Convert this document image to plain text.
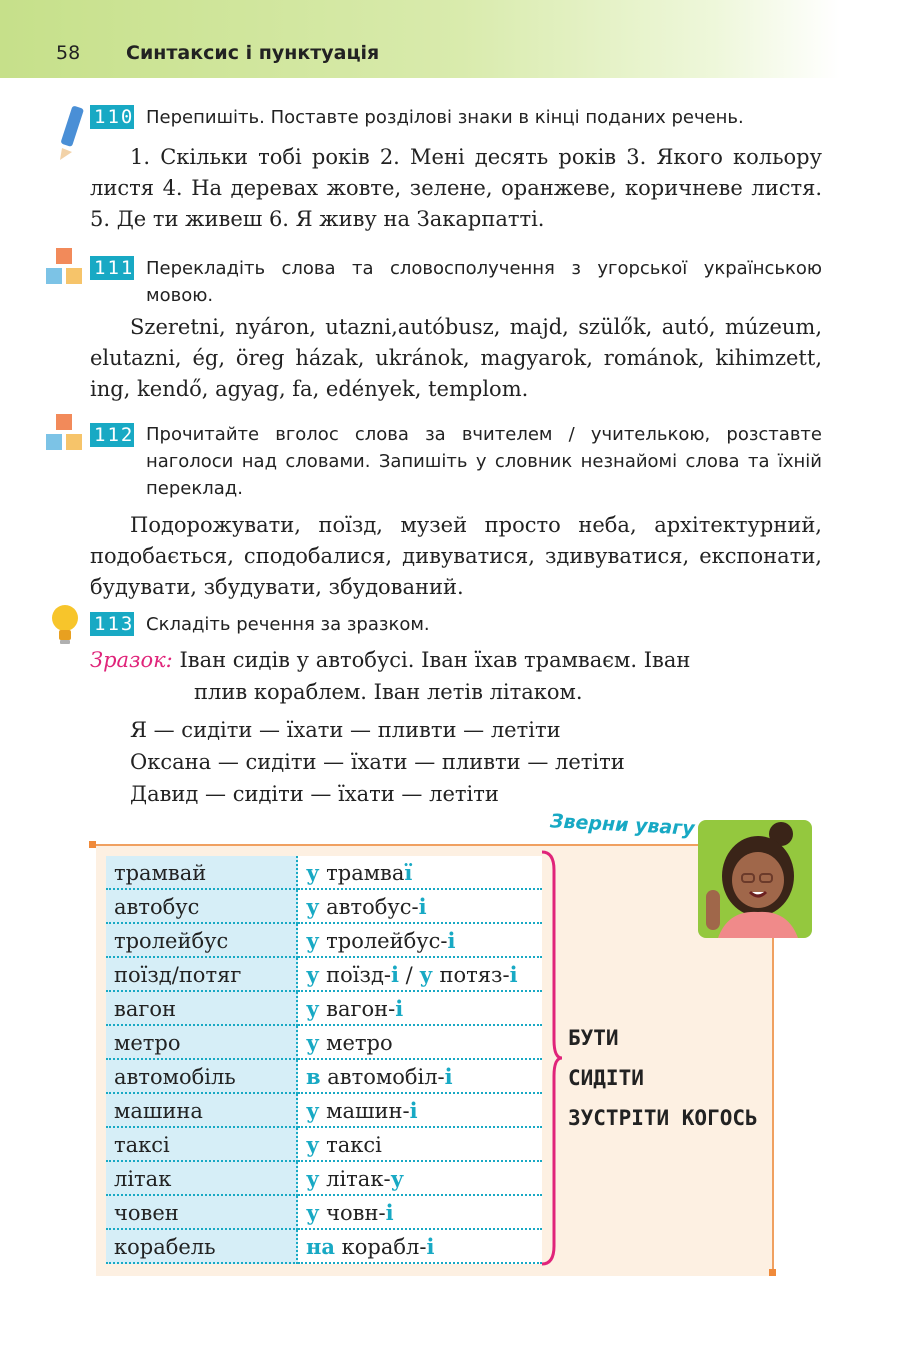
58 Синтаксис і пунктуація
110 Перепишіть. Поставте розділові знаки в кінці поданих речень.

1. Скільки тобі років 2. Мені десять років 3. Якого кольору листя 4. На деревах жовте, зелене, оранжеве, коричневе листя. 5. Де ти живеш 6. Я живу на Закарпатті.

111 Перекладіть слова та словосполучення з угорської українською мовою.

Szeretni, nyáron, utazni,autóbusz, majd, szülők, autó, múzeum, elutazni, ég, öreg házak, ukránok, magyarok, románok, kihimzett, ing, kendő, agyag, fa, edények, templom.

112 Прочитайте вголос слова за вчителем / учителькою, розставте наголоси над словами. Запишіть у словник незнайомі слова та їхній переклад.

Подорожувати, поїзд, музей просто неба, архітектурний, подобається, сподобалися, дивуватися, здивуватися, експонати, будувати, збудувати, збудований.

113 Складіть речення за зразком.

Зразок: Іван сидів у автобусі. Іван їхав трамваєм. Іван
плив кораблем. Іван летів літаком.
Я — сидіти — їхати — пливти — летіти
Оксана — сидіти — їхати — пливти — летіти
Давид — сидіти — їхати — летіти
Зверни увагу
трамвай	у трамваї
автобус	у автобус-і
тролейбус	у тролейбус-і
поїзд/потяг	у поїзд-і / у потяз-і
вагон	у вагон-і
метро	у метро
автомобіль	в автомобіл-і
машина	у машин-і
таксі	у таксі
літак	у літак-у
човен	у човн-і
корабель	на корабл-і
БУТИ
СИДІТИ
ЗУСТРІТИ КОГОСЬ
